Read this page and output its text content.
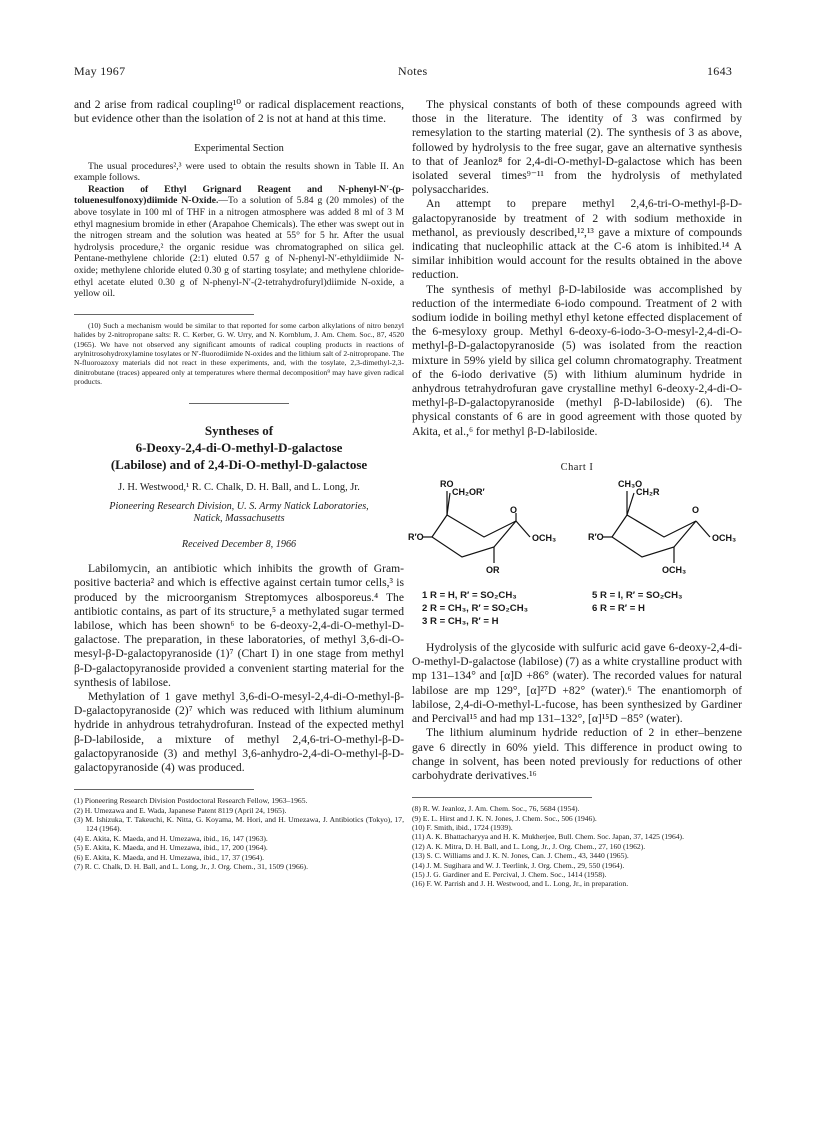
May 1967	Notes	1643

and 2 arise from radical coupling¹⁰ or radical displacement reactions, but evidence other than the isolation of 2 is not at hand at this time.

Experimental Section

The usual procedures²,³ were used to obtain the results shown in Table II. An example follows.

Reaction of Ethyl Grignard Reagent and N-phenyl-N′-(p-toluenesulfonoxy)diimide N-Oxide.—To a solution of 5.84 g (20 mmoles) of the above tosylate in 100 ml of THF in a nitrogen atmosphere was added 8 ml of 3 M ethyl magnesium bromide in ether (Arapahoe Chemicals). The ether was swept out in the nitrogen stream and the solution was heated at 55° for 5 hr. After the usual hydrolysis procedure,² the organic residue was chromatographed on silica gel. Pentane-methylene chloride (2:1) eluted 0.57 g of N-phenyl-N′-ethyldiimide N-oxide; methylene chloride eluted 0.30 g of starting tosylate; and methylene chloride-ethyl acetate eluted 0.30 g of N-phenyl-N′-(2-tetrahydrofuryl)diimide N-oxide, a yellow oil.

(10) Such a mechanism would be similar to that reported for some carbon alkylations of nitro benzyl halides by 2-nitropropane salts: R. C. Kerber, G. W. Urry, and N. Kornblum, J. Am. Chem. Soc., 87, 4520 (1965). We have not observed any significant amounts of radical coupling products in reactions of arylnitrosohydroxylamine tosylates or N′-fluorodiimide N-oxides and the lithium salt of 2-nitropropane. The N-fluoroazoxy materials did not react in these experiments, and, with the tosylate, 2,3-dimethyl-2,3-dinitrobutane (traces) appeared only at temperatures where thermal decomposition⁹ may have given radical products.

Syntheses of

6-Deoxy-2,4-di-O-methyl-D-galactose

(Labilose) and of 2,4-Di-O-methyl-D-galactose

J. H. Westwood,¹ R. C. Chalk, D. H. Ball, and L. Long, Jr.

Pioneering Research Division, U. S. Army Natick Laboratories,

Natick, Massachusetts

Received December 8, 1966

Labilomycin, an antibiotic which inhibits the growth of Gram-positive bacteria² and which is effective against certain tumor cells,³ is produced by the microorganism Streptomyces albosporeus.⁴ The antibiotic contains, as part of its structure,⁵ a methylated sugar termed labilose, which has been shown⁶ to be 6-deoxy-2,4-di-O-methyl-D-galactose. The preparation, in these laboratories, of methyl 3,6-di-O-mesyl-β-D-galactopyranoside (1)⁷ (Chart I) in one stage from methyl β-D-galactopyranoside provided a convenient starting material for the synthesis of labilose.

Methylation of 1 gave methyl 3,6-di-O-mesyl-2,4-di-O-methyl-β-D-galactopyranoside (2)⁷ which was reduced with lithium aluminum hydride in anhydrous tetrahydrofuran. Instead of the expected methyl β-D-labiloside, a mixture of methyl 2,4,6-tri-O-methyl-β-D-galactopyranoside (3) and methyl 3,6-anhydro-2,4-di-O-methyl-β-D-galactopyranoside (4) was produced.

(1) Pioneering Research Division Postdoctoral Research Fellow, 1963–1965.

(2) H. Umezawa and E. Wada, Japanese Patent 8119 (April 24, 1965).

(3) M. Ishizuka, T. Takeuchi, K. Nitta, G. Koyama, M. Hori, and H. Umezawa, J. Antibiotics (Tokyo), 17, 124 (1964).

(4) E. Akita, K. Maeda, and H. Umezawa, ibid., 16, 147 (1963).

(5) E. Akita, K. Maeda, and H. Umezawa, ibid., 17, 200 (1964).

(6) E. Akita, K. Maeda, and H. Umezawa, ibid., 17, 37 (1964).

(7) R. C. Chalk, D. H. Ball, and L. Long, Jr., J. Org. Chem., 31, 1509 (1966).

The physical constants of both of these compounds agreed with those in the literature. The identity of 3 was confirmed by remesylation to the starting material (2). The synthesis of 3 as above, followed by hydrolysis to the free sugar, gave an alternative synthesis to that of Jeanloz⁸ for 2,4-di-O-methyl-D-galactose which has been isolated several times⁹⁻¹¹ from the hydrolysis of methylated polysaccharides.

An attempt to prepare methyl 2,4,6-tri-O-methyl-β-D-galactopyranoside by treatment of 2 with sodium methoxide in methanol, as previously described,¹²,¹³ gave a mixture of compounds indicating that nucleophilic attack at the C-6 atom is inhibited.¹⁴ A similar inhibition would account for the results obtained in the above reduction.

The synthesis of methyl β-D-labiloside was accomplished by reduction of the intermediate 6-iodo compound. Treatment of 2 with sodium iodide in boiling methyl ethyl ketone effected displacement of the 6-mesyloxy group. Methyl 6-deoxy-6-iodo-3-O-mesyl-2,4-di-O-methyl-β-D-galactopyranoside (5) was isolated from the reaction mixture in 59% yield by silica gel column chromatography. Treatment of the 6-iodo derivative (5) with lithium aluminum hydride in anhydrous tetrahydrofuran gave crystalline methyl 6-deoxy-2,4-di-O-methyl-β-D-galactopyranoside (methyl β-D-labiloside) (6). The physical constants of 6 are in good agreement with those quoted by Akita, et al.,⁶ for methyl β-D-labiloside.

Chart I
RO
CH₂OR′
O
R′O	OCH₃
OR
CH₃O
CH₂R
O
R′O	OCH₃
OCH₃
1 R = H, R′ = SO₂CH₃	5 R = I, R′ = SO₂CH₃
2 R = CH₃, R′ = SO₂CH₃	6 R = R′ = H
3 R = CH₃, R′ = H

Hydrolysis of the glycoside with sulfuric acid gave 6-deoxy-2,4-di-O-methyl-D-galactose (labilose) (7) as a white crystalline product with mp 131–134° and [α]D +86° (water). The recorded values for natural labilose are mp 129°, [α]²⁷D +82° (water).⁶ The enantiomorph of labilose, 2,4-di-O-methyl-L-fucose, has been synthesized by Gardiner and Percival¹⁵ and had mp 131–132°, [α]¹⁵D −85° (water).

The lithium aluminum hydride reduction of 2 in ether–benzene gave 6 directly in 60% yield. This difference in product owing to change in solvent, has been noted previously for reductions of other carbohydrate derivatives.¹⁶

(8) R. W. Jeanloz, J. Am. Chem. Soc., 76, 5684 (1954).

(9) E. L. Hirst and J. K. N. Jones, J. Chem. Soc., 506 (1946).

(10) F. Smith, ibid., 1724 (1939).

(11) A. K. Bhattacharyya and H. K. Mukherjee, Bull. Chem. Soc. Japan, 37, 1425 (1964).

(12) A. K. Mitra, D. H. Ball, and L. Long, Jr., J. Org. Chem., 27, 160 (1962).

(13) S. C. Williams and J. K. N. Jones, Can. J. Chem., 43, 3440 (1965).

(14) J. M. Sugihara and W. J. Teerlink, J. Org. Chem., 29, 550 (1964).

(15) J. G. Gardiner and E. Percival, J. Chem. Soc., 1414 (1958).

(16) F. W. Parrish and J. H. Westwood, and L. Long, Jr., in preparation.
